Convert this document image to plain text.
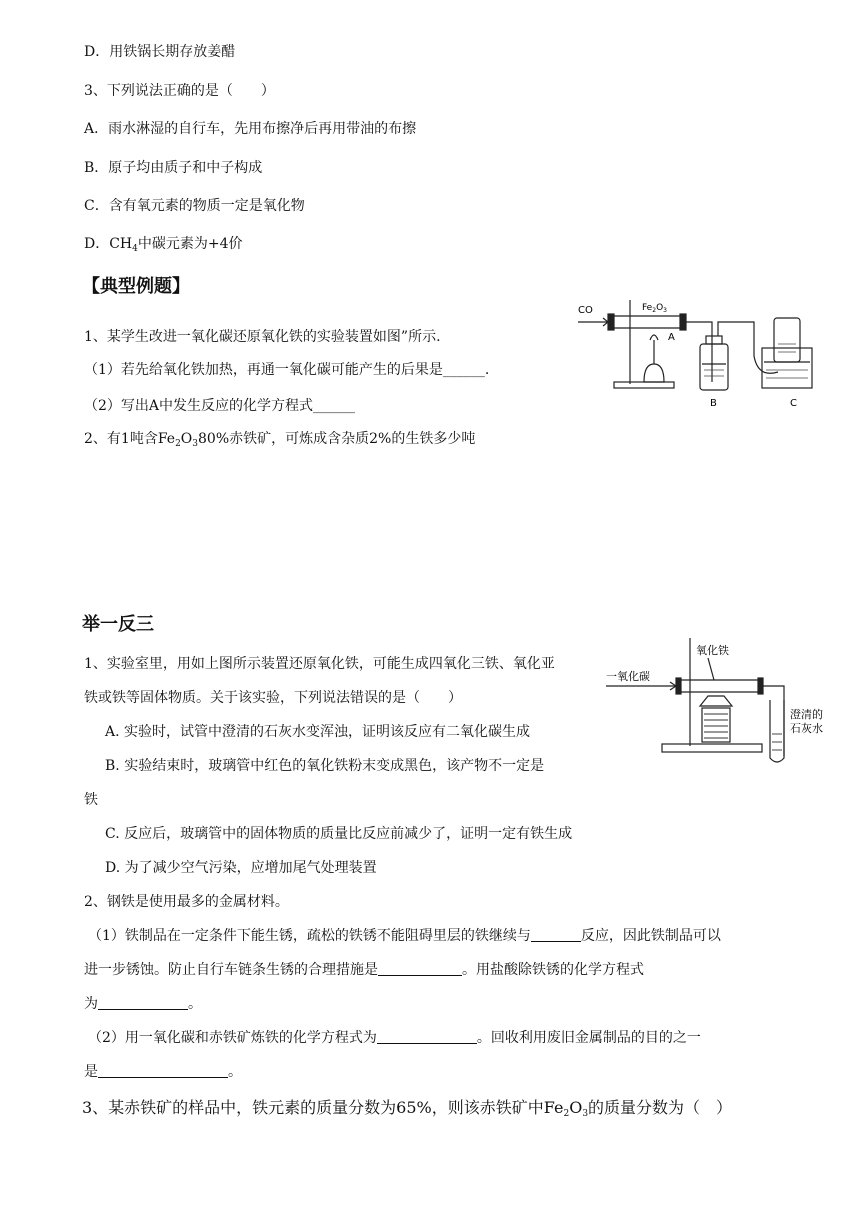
D．用铁锅长期存放姜醋
3、下列说法正确的是（　　）
A．雨水淋湿的自行车，先用布擦净后再用带油的布擦
B．原子均由质子和中子构成
C．含有氧元素的物质一定是氧化物
D．$CH_4$中碳元素为+4价
【典型例题】
1、某学生改进一氧化碳还原氧化铁的实验装置如图”所示.
（1）若先给氧化铁加热，再通一氧化碳可能产生的后果是______.
（2）写出A中发生反应的化学方程式______
2、有1吨含$Fe_2O_380\%$赤铁矿，可炼成含杂质2%的生铁多少吨
CO	$Fe_2O_3$
A
B	C
举一反三
1、实验室里，用如上图所示装置还原氧化铁，可能生成四氧化三铁、氧化亚
铁或铁等固体物质。关于该实验，下列说法错误的是（　　）
A. 实验时，试管中澄清的石灰水变浑浊，证明该反应有二氧化碳生成
B. 实验结束时，玻璃管中红色的氧化铁粉末变成黑色，该产物不一定是
铁
C. 反应后，玻璃管中的固体物质的质量比反应前减少了，证明一定有铁生成
D. 为了减少空气污染，应增加尾气处理装置
2、钢铁是使用最多的金属材料。
（1）铁制品在一定条件下能生锈，疏松的铁锈不能阻碍里层的铁继续与	反应，因此铁制品可以
进一步锈蚀。防止自行车链条生锈的合理措施是	。用盐酸除铁锈的化学方程式
为	。
（2）用一氧化碳和赤铁矿炼铁的化学方程式为	。回收利用废旧金属制品的目的之一
是	。
3、某赤铁矿的样品中，铁元素的质量分数为65%，则该赤铁矿中$Fe_2O_3$的质量分数为（　）
一氧化碳
氧化铁
澄清的
石灰水
